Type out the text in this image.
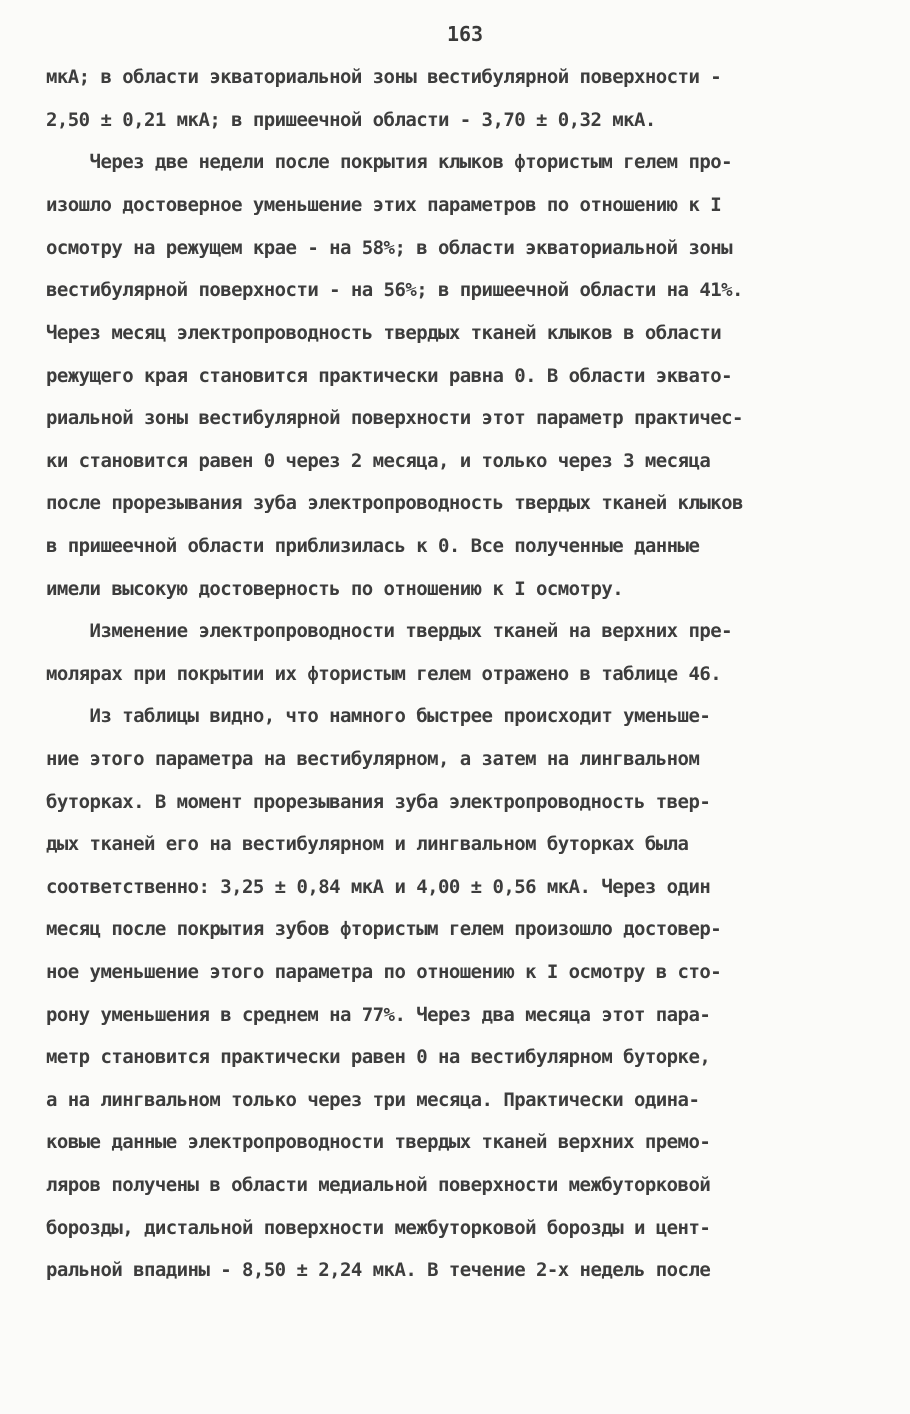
163
мкА; в области экваториальной зоны вестибулярной поверхности -
2,50 ± 0,21 мкА; в пришеечной области - 3,70 ± 0,32 мкА.
Через две недели после покрытия клыков фтористым гелем про-
изошло достоверное уменьшение этих параметров по отношению к I
осмотру на режущем крае - на 58%; в области экваториальной зоны
вестибулярной поверхности - на 56%; в пришеечной области на 41%.
Через месяц электропроводность твердых тканей клыков в области
режущего края становится практически равна 0. В области эквато-
риальной зоны вестибулярной поверхности этот параметр практичес-
ки становится равен 0 через 2 месяца, и только через 3 месяца
после прорезывания зуба электропроводность твердых тканей клыков
в пришеечной области приблизилась к 0. Все полученные данные
имели высокую достоверность по отношению к I осмотру.
Изменение электропроводности твердых тканей на верхних пре-
молярах при покрытии их фтористым гелем отражено в таблице 46.
Из таблицы видно, что намного быстрее происходит уменьше-
ние этого параметра на вестибулярном, а затем на лингвальном
буторках. В момент прорезывания зуба электропроводность твер-
дых тканей его на вестибулярном и лингвальном буторках была
соответственно: 3,25 ± 0,84 мкА и 4,00 ± 0,56 мкА. Через один
месяц после покрытия зубов фтористым гелем произошло достовер-
ное уменьшение этого параметра по отношению к I осмотру в сто-
рону уменьшения в среднем на 77%. Через два месяца этот пара-
метр становится практически равен 0 на вестибулярном буторке,
а на лингвальном только через три месяца. Практически одина-
ковые данные электропроводности твердых тканей верхних премо-
ляров получены в области медиальной поверхности межбуторковой
борозды, дистальной поверхности межбуторковой борозды и цент-
ральной впадины - 8,50 ± 2,24 мкА. В течение 2-х недель после
